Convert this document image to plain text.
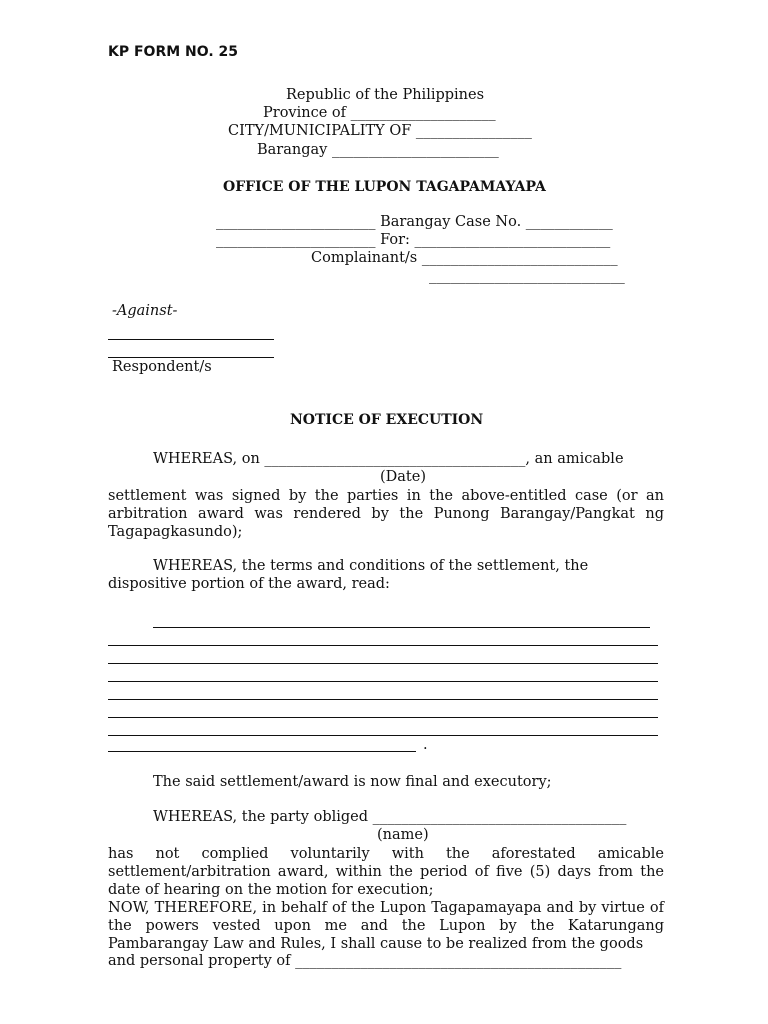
KP FORM NO. 25
Republic of the Philippines
Province of ____________________
CITY/MUNICIPALITY OF ________________
Barangay _______________________
OFFICE OF THE LUPON TAGAPAMAYAPA
______________________ Barangay Case No. ____________
______________________ For: ___________________________
Complainant/s ___________________________
___________________________
-Against-
Respondent/s
NOTICE OF EXECUTION
WHEREAS, on ____________________________________, an amicable
(Date)
settlement was signed by the parties in the above-entitled case (or an arbitration award was rendered by the Punong Barangay/Pangkat ng Tagapagkasundo);
WHEREAS, the terms and conditions of the settlement, the
dispositive portion of the award, read:
.
The said settlement/award is now final and executory;
WHEREAS, the party obliged ___________________________________
(name)
has not complied voluntarily with the aforestated amicable settlement/arbitration award, within the period of five (5) days from the date of hearing on the motion for execution;
NOW, THEREFORE, in behalf of the Lupon Tagapamayapa and by virtue of the powers vested upon me and the Lupon by the Katarungang Pambarangay Law and Rules, I shall cause to be realized from the goods
and personal property of _____________________________________________
